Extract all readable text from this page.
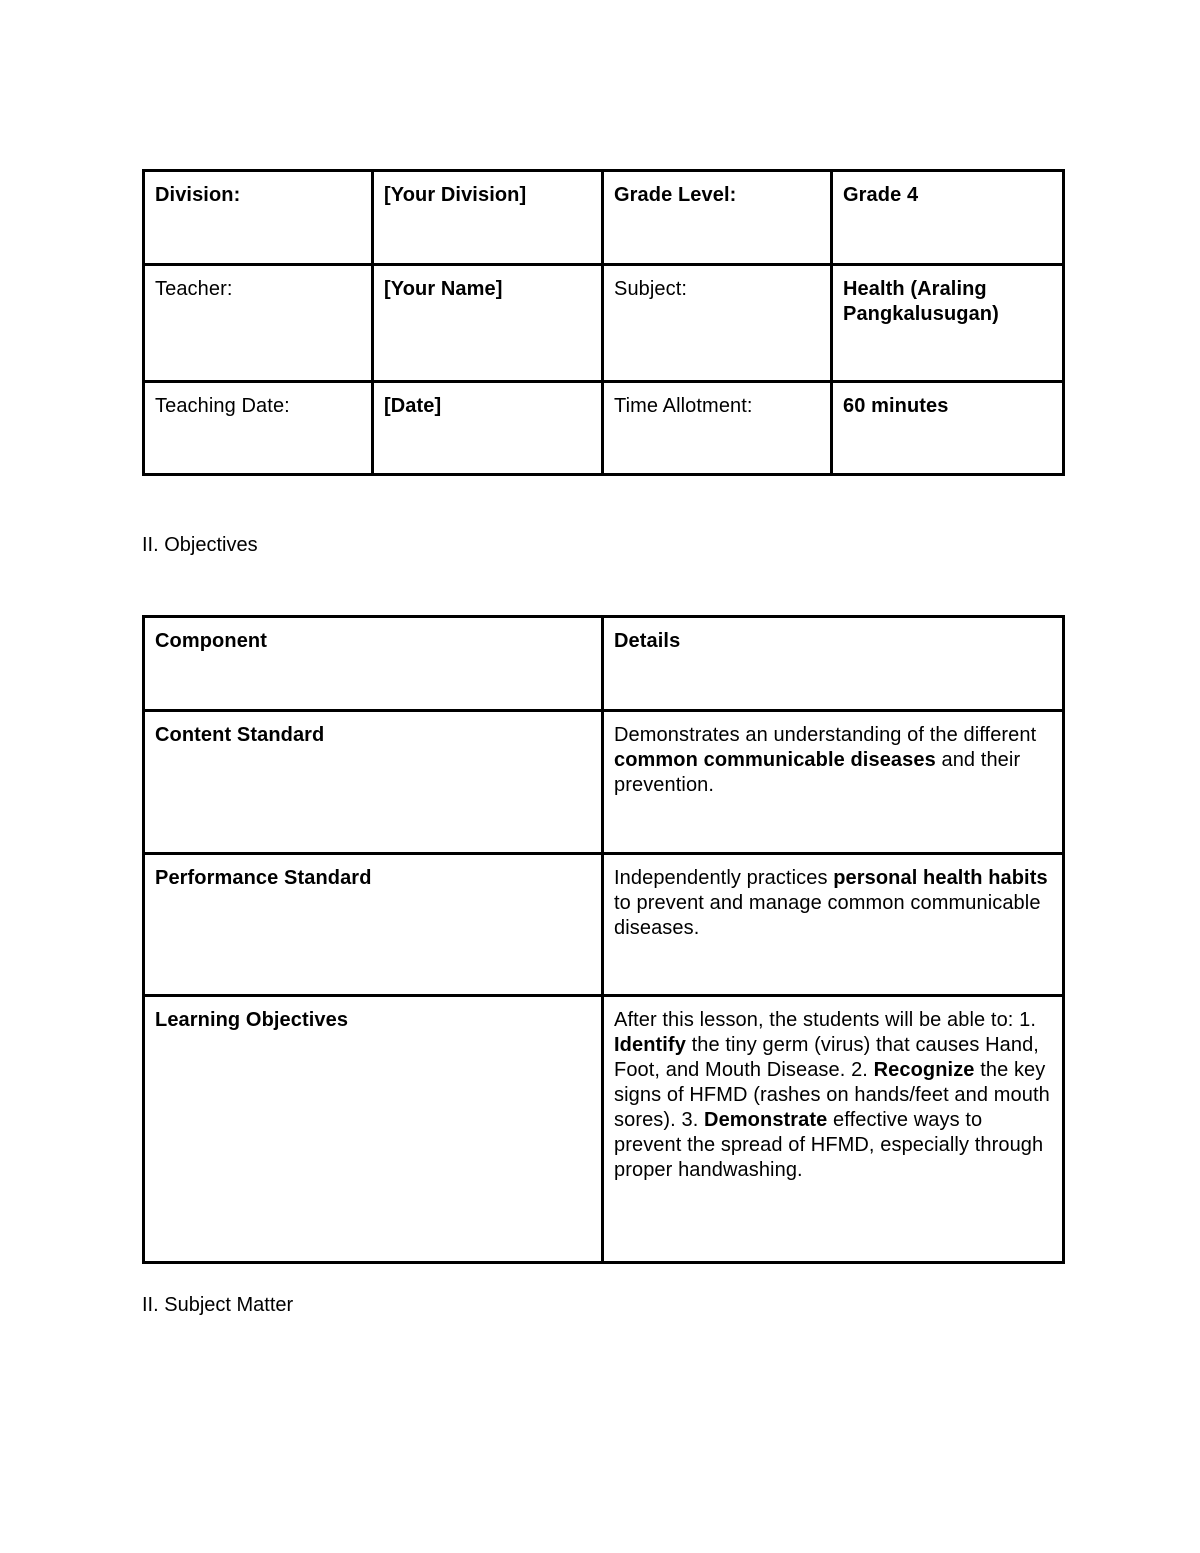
Division:	[Your Division]	Grade Level:	Grade 4
Teacher:	[Your Name]	Subject:	Health (Araling Pangkalusugan)
Teaching Date:	[Date]	Time Allotment:	60 minutes
II. Objectives
Component	Details
Content Standard	Demonstrates an understanding of the different common communicable diseases and their prevention.
Performance Standard	Independently practices personal health habits to prevent and manage common communicable diseases.
Learning Objectives	After this lesson, the students will be able to: 1. Identify the tiny germ (virus) that causes Hand, Foot, and Mouth Disease. 2. Recognize the key signs of HFMD (rashes on hands/feet and mouth sores). 3. Demonstrate effective ways to prevent the spread of HFMD, especially through proper handwashing.
II. Subject Matter
